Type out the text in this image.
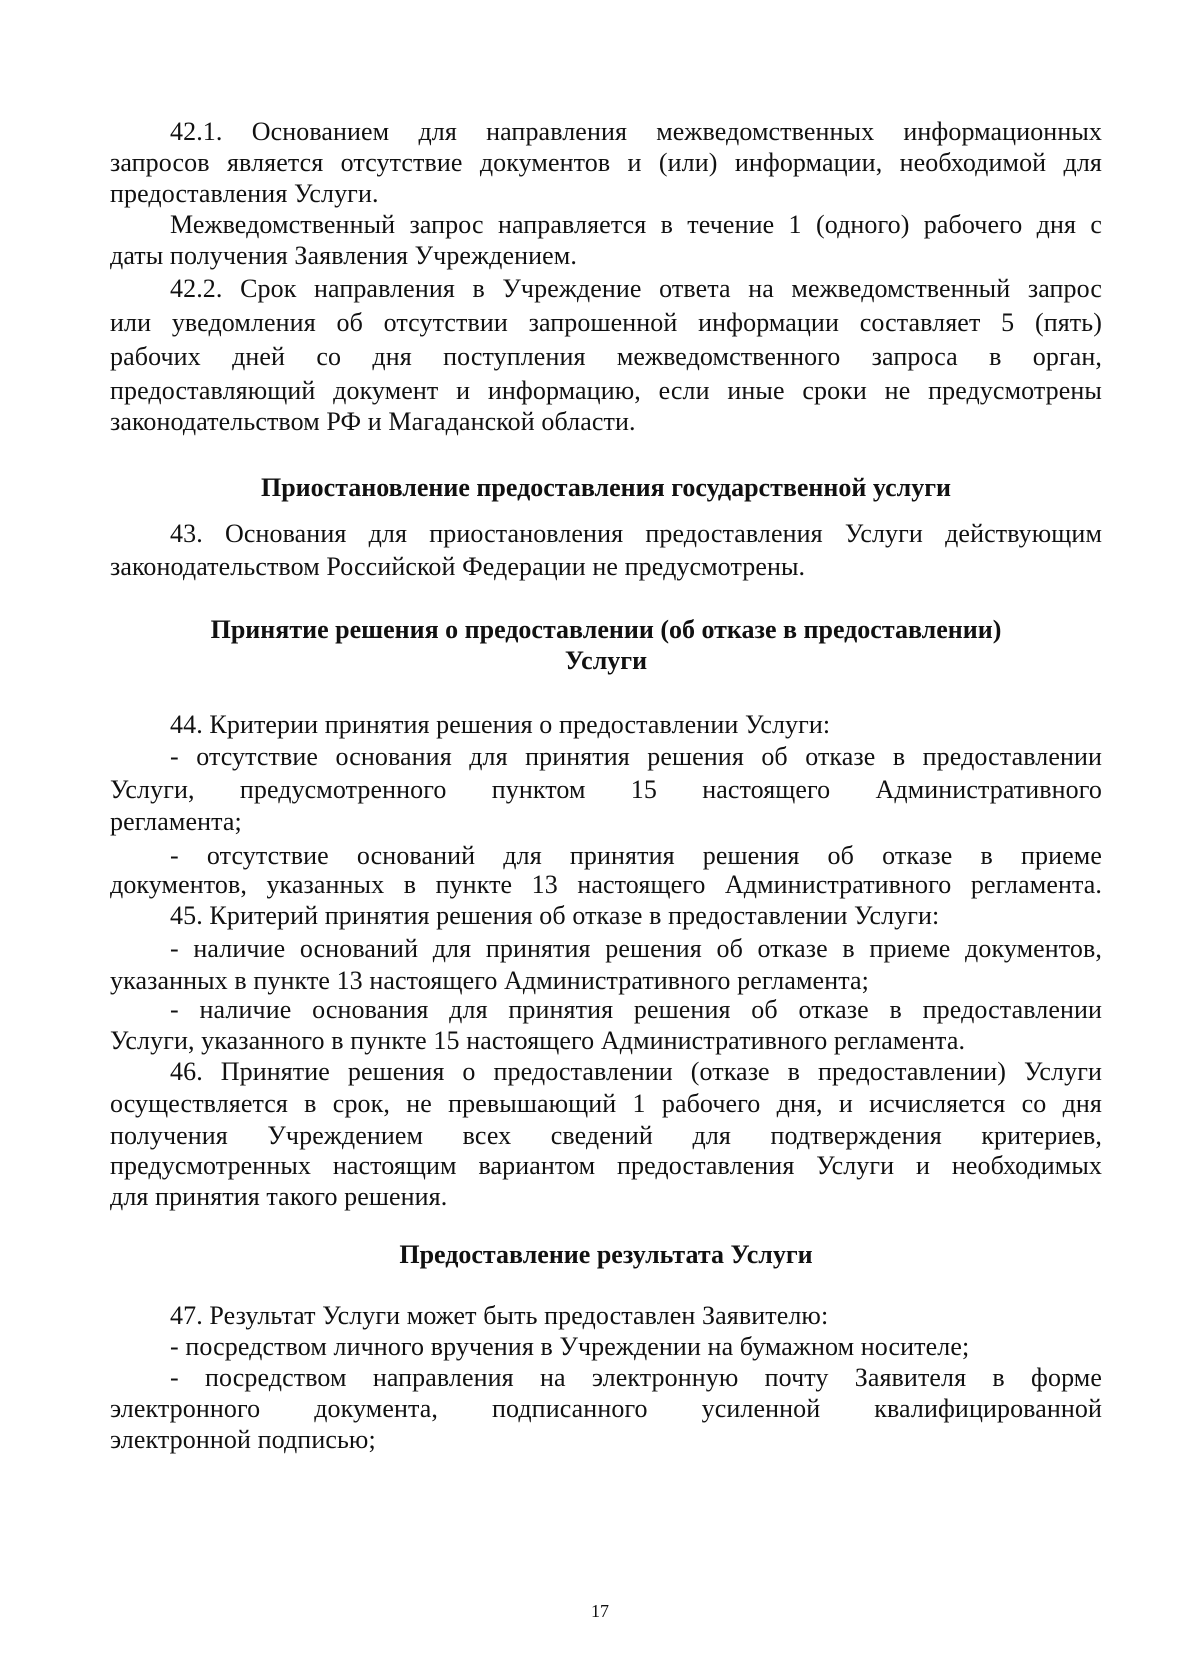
42.1. Основанием для направления межведомственных информационных
запросов является отсутствие документов и (или) информации, необходимой для
предоставления Услуги.
Межведомственный запрос направляется в течение 1 (одного) рабочего дня с
даты получения Заявления Учреждением.
42.2. Срок направления в Учреждение ответа на межведомственный запрос
или уведомления об отсутствии запрошенной информации составляет 5 (пять)
рабочих дней со дня поступления межведомственного запроса в орган,
предоставляющий документ и информацию, если иные сроки не предусмотрены
законодательством РФ и Магаданской области.
Приостановление предоставления государственной услуги
43. Основания для приостановления предоставления Услуги действующим
законодательством Российской Федерации не предусмотрены.
Принятие решения о предоставлении (об отказе в предоставлении)
Услуги
44. Критерии принятия решения о предоставлении Услуги:
- отсутствие основания для принятия решения об отказе в предоставлении
Услуги, предусмотренного пунктом 15 настоящего Административного
регламента;
- отсутствие оснований для принятия решения об отказе в приеме
документов, указанных в пункте 13 настоящего Административного регламента.
45. Критерий принятия решения об отказе в предоставлении Услуги:
- наличие оснований для принятия решения об отказе в приеме документов,
указанных в пункте 13 настоящего Административного регламента;
- наличие основания для принятия решения об отказе в предоставлении
Услуги, указанного в пункте 15 настоящего Административного регламента.
46. Принятие решения о предоставлении (отказе в предоставлении) Услуги
осуществляется в срок, не превышающий 1 рабочего дня, и исчисляется со дня
получения Учреждением всех сведений для подтверждения критериев,
предусмотренных настоящим вариантом предоставления Услуги и необходимых
для принятия такого решения.
Предоставление результата Услуги
47. Результат Услуги может быть предоставлен Заявителю:
- посредством личного вручения в Учреждении на бумажном носителе;
- посредством направления на электронную почту Заявителя в форме
электронного документа, подписанного усиленной квалифицированной
электронной подписью;
17
